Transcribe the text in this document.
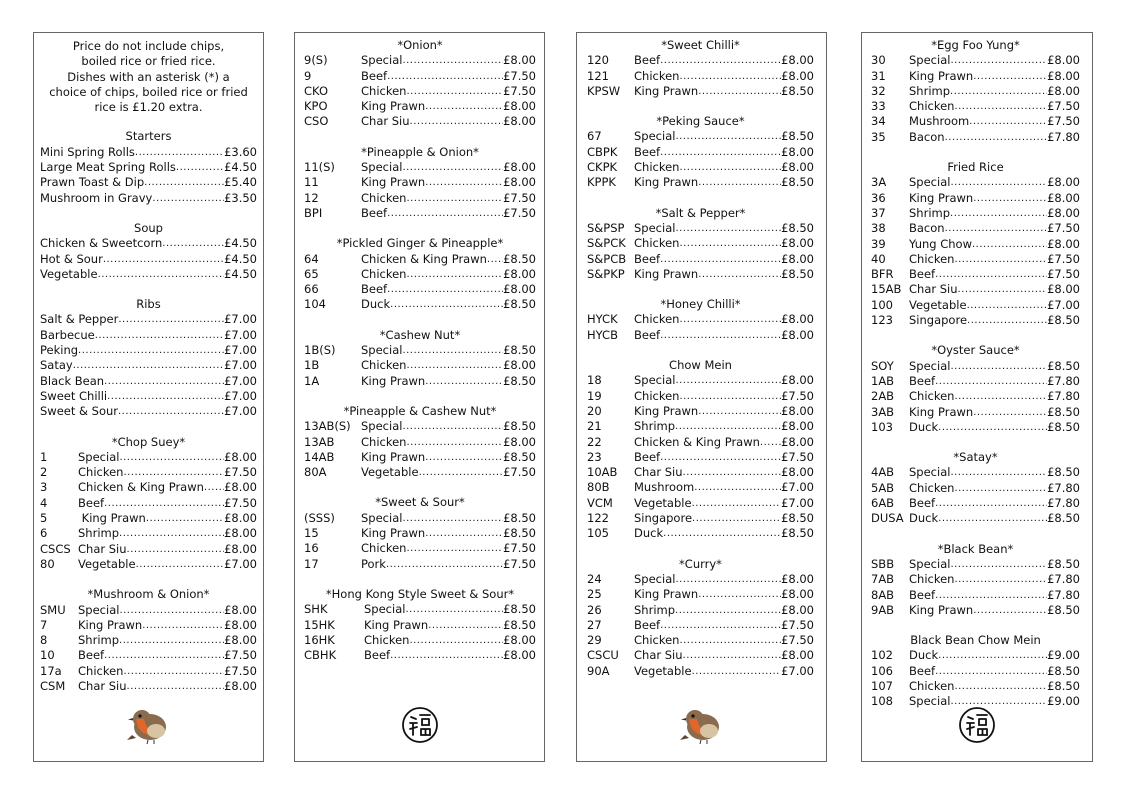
Price do not include chips,
boiled rice or fried rice.
Dishes with an asterisk (*) a
choice of chips, boiled rice or fried
rice is £1.20 extra.
Starters
Mini Spring Rolls .....	£3.60
Large Meat Spring Rolls .....	£4.50
Prawn Toast & Dip .....	£5.40
Mushroom in Gravy .....	£3.50
Soup
Chicken & Sweetcorn .....	£4.50
Hot & Sour .....	£4.50
Vegetable .....	£4.50
Ribs
Salt & Pepper .....	£7.00
Barbecue .....	£7.00
Peking .....	£7.00
Satay .....	£7.00
Black Bean .....	£7.00
Sweet Chilli .....	£7.00
Sweet & Sour .....	£7.00
*Chop Suey*
1	Special .....	£8.00
2	Chicken .....	£7.50
3	Chicken & King Prawn ..... £8.00
4	Beef .....	£7.50
5	King Prawn .....	£8.00
6	Shrimp .....	£8.00
CSCS Char Siu .....	£8.00
80	Vegetable .....	£7.00
*Mushroom & Onion*
SMU	Special .....	£8.00
7	King Prawn .....	£8.00
8	Shrimp .....	£8.00
10	Beef .....	£7.50
17a	Chicken .....	£7.50
CSM	Char Siu .....	£8.00
*Onion*
9(S)	Special .....	£8.00
9	Beef .....	£7.50
CKO	Chicken .....	£7.50
KPO	King Prawn .....	£8.00
CSO	Char Siu .....	£8.00
*Pineapple & Onion*
11(S)	Special .....	£8.00
11	King Prawn .....	£8.00
12	Chicken .....	£7.50
BPI	Beef .....	£7.50
*Pickled Ginger & Pineapple*
64	Chicken & King Prawn ..... £8.50
65	Chicken .....	£8.00
66	Beef .....	£8.00
104	Duck .....	£8.50
*Cashew Nut*
1B(S)	Special .....	£8.50
1B	Chicken .....	£8.00
1A	King Prawn .....	£8.50
*Pineapple & Cashew Nut*
13AB(S) Special .....	£8.50
13AB	Chicken .....	£8.00
14AB	King Prawn .....	£8.50
80A	Vegetable .....	£7.50
*Sweet & Sour*
(SSS)	Special .....	£8.50
15	King Prawn .....	£8.50
16	Chicken .....	£7.50
17	Pork .....	£7.50
*Hong Kong Style Sweet & Sour*
SHK	Special .....	£8.50
15HK	King Prawn .....	£8.50
16HK	Chicken .....	£8.00
CBHK	Beef .....	£8.00
*Sweet Chilli*
120	Beef .....	£8.00
121	Chicken .....	£8.00
KPSW	King Prawn .....	£8.50
*Peking Sauce*
67	Special .....	£8.50
CBPK	Beef .....	£8.00
CKPK	Chicken .....	£8.00
KPPK	King Prawn .....	£8.50
*Salt & Pepper*
S&PSP Special .....	£8.50
S&PCK Chicken .....	£8.00
S&PCB Beef .....	£8.00
S&PKP King Prawn .....	£8.50
*Honey Chilli*
HYCK	Chicken .....	£8.00
HYCB	Beef .....	£8.00
Chow Mein
18	Special .....	£8.00
19	Chicken .....	£7.50
20	King Prawn .....	£8.00
21	Shrimp .....	£8.00
22	Chicken & King Prawn ..... £8.00
23	Beef .....	£7.50
10AB	Char Siu .....	£8.00
80B	Mushroom .....	£7.00
VCM	Vegetable .....	£7.00
122	Singapore .....	£8.50
105	Duck .....	£8.50
*Curry*
24	Special .....	£8.00
25	King Prawn .....	£8.00
26	Shrimp .....	£8.00
27	Beef .....	£7.50
29	Chicken .....	£7.50
CSCU	Char Siu .....	£8.00
90A	Vegetable .....	£7.00
*Egg Foo Yung*
30	Special .....	£8.00
31	King Prawn .....	£8.00
32	Shrimp .....	£8.00
33	Chicken .....	£7.50
34	Mushroom .....	£7.50
35	Bacon .....	£7.80
Fried Rice
3A	Special .....	£8.00
36	King Prawn .....	£8.00
37	Shrimp .....	£8.00
38	Bacon .....	£7.50
39	Yung Chow .....	£8.00
40	Chicken .....	£7.50
BFR	Beef .....	£7.50
15AB Char Siu .....	£8.00
100	Vegetable .....	£7.00
123	Singapore .....	£8.50
*Oyster Sauce*
SOY	Special .....	£8.50
1AB	Beef .....	£7.80
2AB	Chicken .....	£7.80
3AB	King Prawn .....	£8.50
103	Duck .....	£8.50
*Satay*
4AB	Special .....	£8.50
5AB	Chicken .....	£7.80
6AB	Beef .....	£7.80
DUSA Duck .....	£8.50
*Black Bean*
SBB	Special .....	£8.50
7AB	Chicken .....	£7.80
8AB	Beef .....	£7.80
9AB	King Prawn .....	£8.50
Black Bean Chow Mein
102	Duck .....	£9.00
106	Beef .....	£8.50
107	Chicken .....	£8.50
108	Special .....	£9.00
